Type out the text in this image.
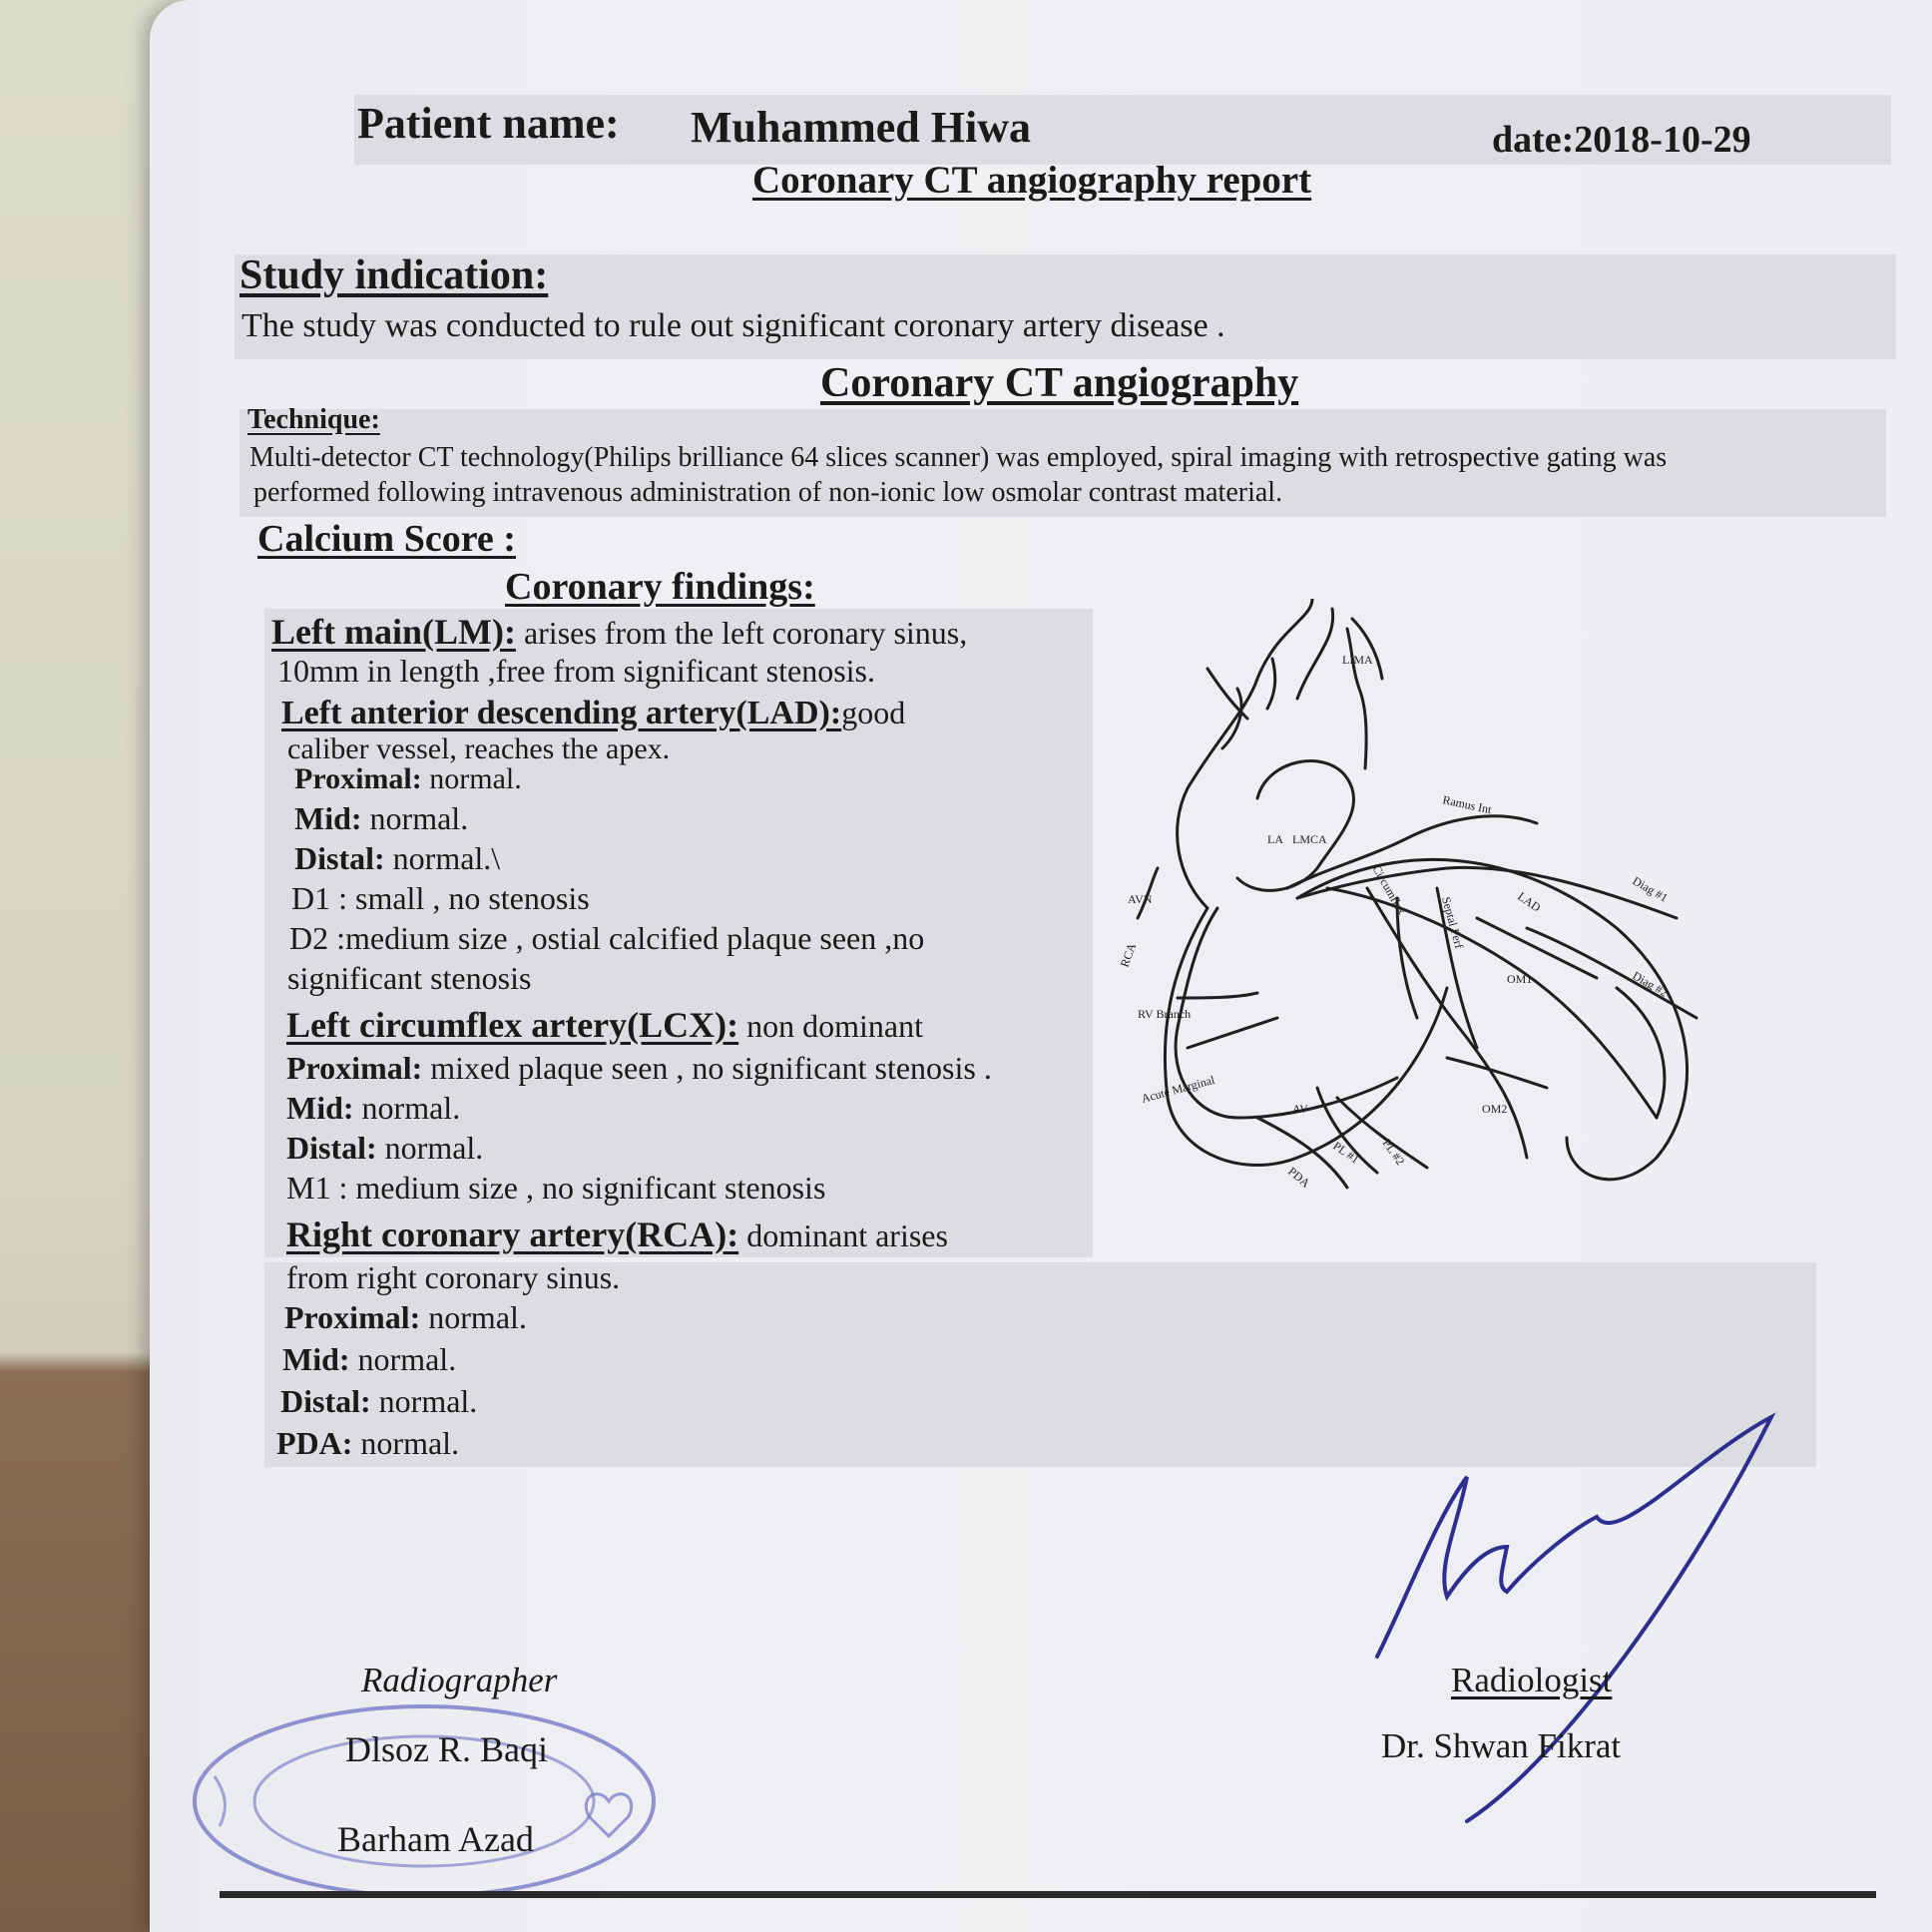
Patient name: Muhammed Hiwa	date:2018-10-29
Coronary CT angiography report
Study indication:
The study was conducted to rule out significant coronary artery disease .
Coronary CT angiography
Technique:
Multi-detector CT technology(Philips brilliance 64 slices scanner) was employed, spiral imaging with retrospective gating was
performed following intravenous administration of non-ionic low osmolar contrast material.
Calcium Score :
Coronary findings:
Left main(LM): arises from the left coronary sinus,
10mm in length ,free from significant stenosis.
Left anterior descending artery(LAD):good
caliber vessel, reaches the apex.
Proximal: normal.
Mid: normal.
Distal: normal.\
D1 : small , no stenosis
D2 :medium size , ostial calcified plaque seen ,no
significant stenosis
Left circumflex artery(LCX): non dominant
Proximal: mixed plaque seen , no significant stenosis .
Mid: normal.
Distal: normal.
M1 : medium size , no significant stenosis
Right coronary artery(RCA): dominant arises
from right coronary sinus.
Proximal: normal.
Mid: normal.
Distal: normal.
PDA: normal.
LIMA
Ramus Int
LA LMCA
Circumflex
Septal Perf	LAD	Diag #1
Diag #2
AVN
RCA
OM1
RV Branch
Acute Marginal
AV	OM2
PL #1 PL #2
PDA
Radiographer
Dlsoz R. Baqi
Barham Azad
Radiologist
Dr. Shwan Fikrat
